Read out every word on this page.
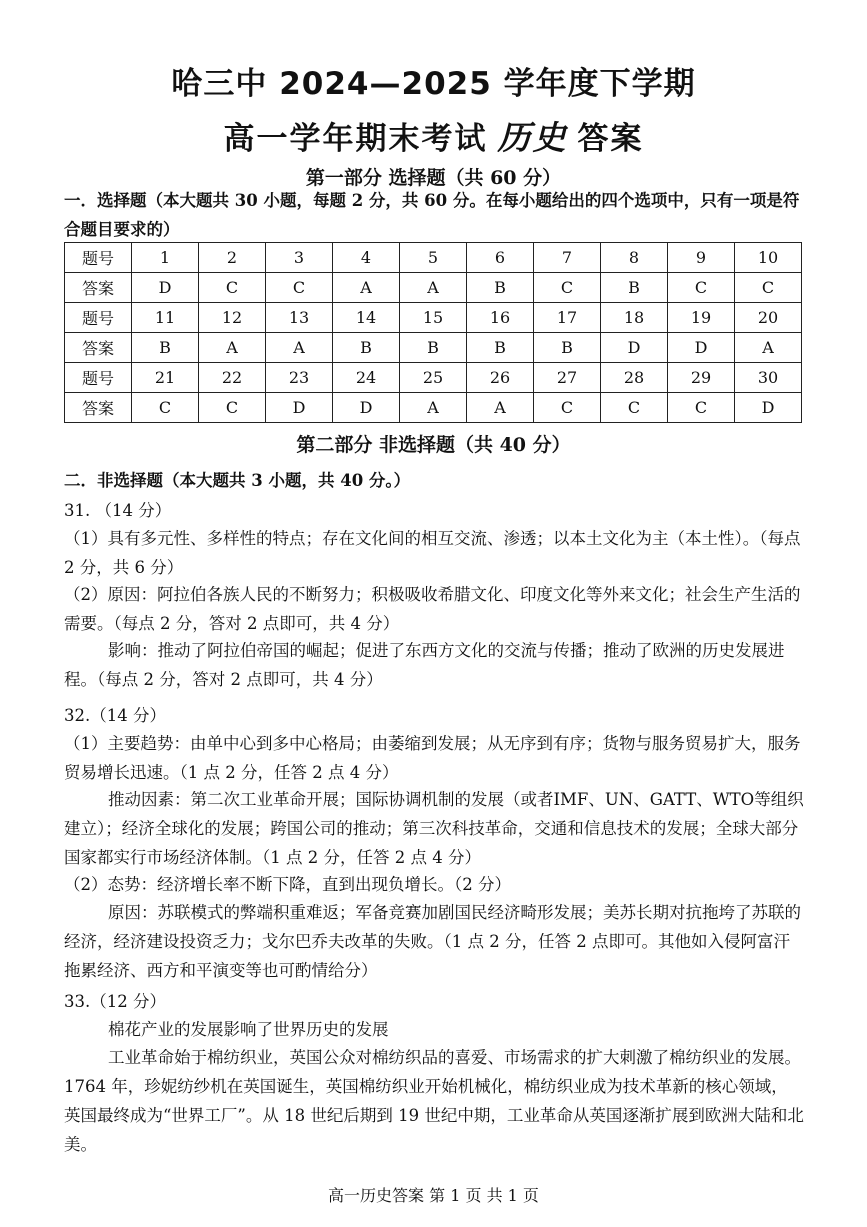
哈三中 2024—2025 学年度下学期
高一学年期末考试 历史 答案
第一部分 选择题（共 60 分）

一．选择题（本大题共 30 小题，每题 2 分，共 60 分。在每小题给出的四个选项中，只有一项是符合题目要求的）

题号	1	2	3	4	5	6	7	8	9	10
答案	D	C	C	A	A	B	C	B	C	C
题号	11	12	13	14	15	16	17	18	19	20
答案	B	A	A	B	B	B	B	D	D	A
题号	21	22	23	24	25	26	27	28	29	30
答案	C	C	D	D	A	A	C	C	C	D
第二部分 非选择题（共 40 分）

二．非选择题（本大题共 3 小题，共 40 分。）

31. （14 分）

（1）具有多元性、多样性的特点；存在文化间的相互交流、渗透；以本土文化为主（本土性）。（每点 2 分，共 6 分）

（2）原因：阿拉伯各族人民的不断努力；积极吸收希腊文化、印度文化等外来文化；社会生产生活的需要。（每点 2 分，答对 2 点即可，共 4 分）

影响：推动了阿拉伯帝国的崛起；促进了东西方文化的交流与传播；推动了欧洲的历史发展进程。（每点 2 分，答对 2 点即可，共 4 分）

32.（14 分）

（1）主要趋势：由单中心到多中心格局；由萎缩到发展；从无序到有序；货物与服务贸易扩大，服务贸易增长迅速。（1 点 2 分，任答 2 点 4 分）

推动因素：第二次工业革命开展；国际协调机制的发展（或者IMF、UN、GATT、WTO等组织建立）；经济全球化的发展；跨国公司的推动；第三次科技革命，交通和信息技术的发展；全球大部分国家都实行市场经济体制。（1 点 2 分，任答 2 点 4 分）

（2）态势：经济增长率不断下降，直到出现负增长。（2 分）

原因：苏联模式的弊端积重难返；军备竞赛加剧国民经济畸形发展；美苏长期对抗拖垮了苏联的经济，经济建设投资乏力；戈尔巴乔夫改革的失败。（1 点 2 分，任答 2 点即可。其他如入侵阿富汗拖累经济、西方和平演变等也可酌情给分）

33.（12 分）

棉花产业的发展影响了世界历史的发展

工业革命始于棉纺织业，英国公众对棉纺织品的喜爱、市场需求的扩大刺激了棉纺织业的发展。1764 年，珍妮纺纱机在英国诞生，英国棉纺织业开始机械化，棉纺织业成为技术革新的核心领域，英国最终成为“世界工厂”。从 18 世纪后期到 19 世纪中期，工业革命从英国逐渐扩展到欧洲大陆和北美。

高一历史答案 第 1 页 共 1 页
